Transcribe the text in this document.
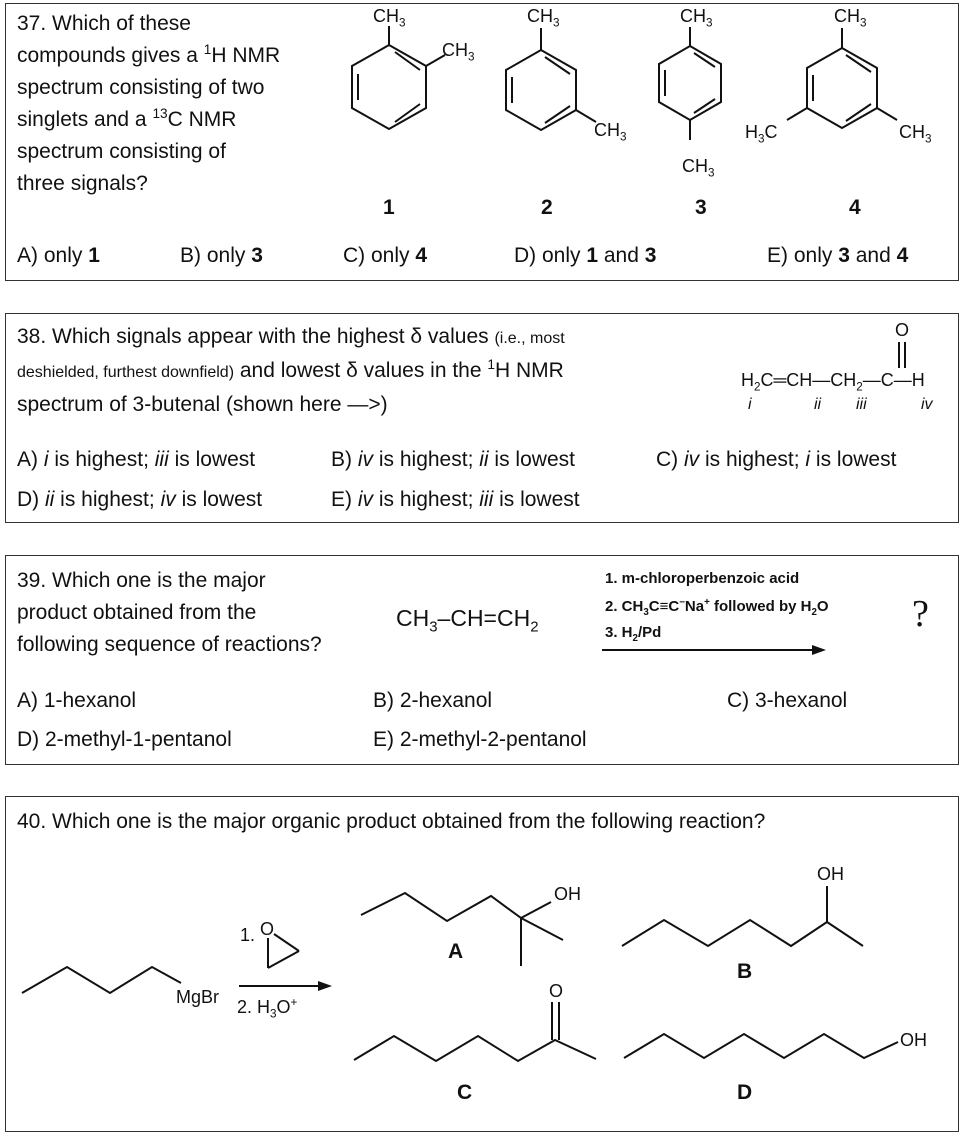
37. Which of these
compounds gives a $^1$H NMR
spectrum consisting of two
singlets and a $^{13}$C NMR
spectrum consisting of
three signals?
$CH_3$
$CH_3$
$CH_3$
$CH_3$
$CH_3$
$CH_3$
$CH_3$
$CH_3$
$H_3C$
1	2	3	4
A) only 1	B) only 3	C) only 4	D) only 1 and 3	E) only 3 and 4
38. Which signals appear with the highest δ values (i.e., most
deshielded, furthest downfield) and lowest δ values in the $^1$H NMR
spectrum of 3-butenal (shown here —>)
O
$H_2C═CH—CH_2—C—H$
i	ii iii	iv
A) i is highest; iii is lowest	B) iv is highest; ii is lowest	C) iv is highest; i is lowest
D) ii is highest; iv is lowest	E) iv is highest; iii is lowest
39. Which one is the major
product obtained from the
following sequence of reactions?
$CH_3-CH=CH_2$
1. m-chloroperbenzoic acid
2. $CH_3C\equiv C^-Na^+$ followed by $H_2O$
3. $H_2/Pd$	?
A) 1-hexanol	B) 2-hexanol	C) 3-hexanol
D) 2-methyl-1-pentanol	E) 2-methyl-2-pentanol
40. Which one is the major organic product obtained from the following reaction?
MgBr
1. O
2. $H_3O^+$
OH
OH
O
OH
A
B
C	D
